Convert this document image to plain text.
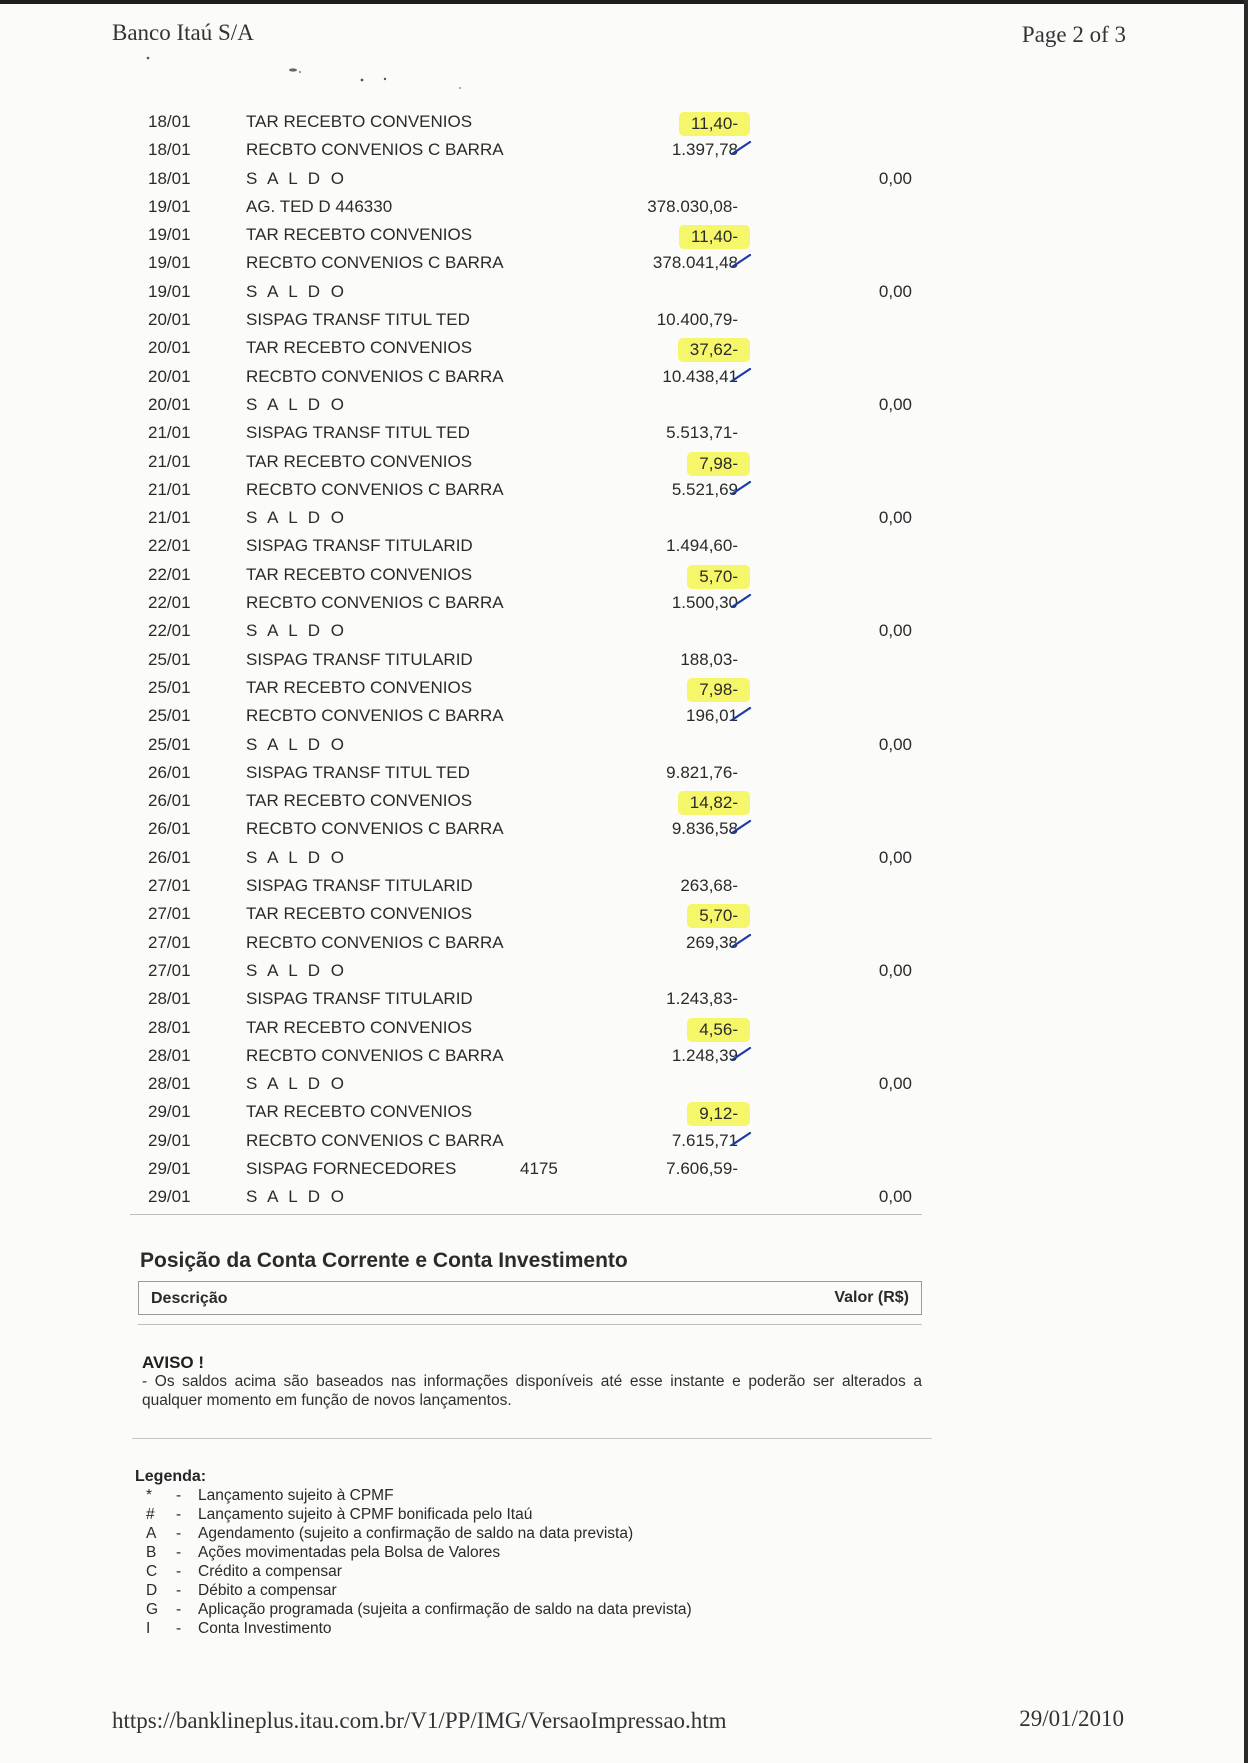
Banco Itaú S/A	Page 2 of 3
18/01	TAR RECEBTO CONVENIOS	11,40-
18/01	RECBTO CONVENIOS C BARRA	1.397,78
18/01	S A L D O	0,00
19/01	AG. TED D 446330	378.030,08-
19/01	TAR RECEBTO CONVENIOS	11,40-
19/01	RECBTO CONVENIOS C BARRA	378.041,48
19/01	S A L D O	0,00
20/01	SISPAG TRANSF TITUL TED	10.400,79-
20/01	TAR RECEBTO CONVENIOS	37,62-
20/01	RECBTO CONVENIOS C BARRA	10.438,41
20/01	S A L D O	0,00
21/01	SISPAG TRANSF TITUL TED	5.513,71-
21/01	TAR RECEBTO CONVENIOS	7,98-
21/01	RECBTO CONVENIOS C BARRA	5.521,69
21/01	S A L D O	0,00
22/01	SISPAG TRANSF TITULARID	1.494,60-
22/01	TAR RECEBTO CONVENIOS	5,70-
22/01	RECBTO CONVENIOS C BARRA	1.500,30
22/01	S A L D O	0,00
25/01	SISPAG TRANSF TITULARID	188,03-
25/01	TAR RECEBTO CONVENIOS	7,98-
25/01	RECBTO CONVENIOS C BARRA	196,01
25/01	S A L D O	0,00
26/01	SISPAG TRANSF TITUL TED	9.821,76-
26/01	TAR RECEBTO CONVENIOS	14,82-
26/01	RECBTO CONVENIOS C BARRA	9.836,58
26/01	S A L D O	0,00
27/01	SISPAG TRANSF TITULARID	263,68-
27/01	TAR RECEBTO CONVENIOS	5,70-
27/01	RECBTO CONVENIOS C BARRA	269,38
27/01	S A L D O	0,00
28/01	SISPAG TRANSF TITULARID	1.243,83-
28/01	TAR RECEBTO CONVENIOS	4,56-
28/01	RECBTO CONVENIOS C BARRA	1.248,39
28/01	S A L D O	0,00
29/01	TAR RECEBTO CONVENIOS	9,12-
29/01	RECBTO CONVENIOS C BARRA	7.615,71
29/01	SISPAG FORNECEDORES	4175	7.606,59-
29/01	S A L D O	0,00
Posição da Conta Corrente e Conta Investimento
Descrição	Valor (R$)
AVISO !
- Os saldos acima são baseados nas informações disponíveis até esse instante e poderão ser alterados a qualquer momento em função de novos lançamentos.
Legenda:
* - Lançamento sujeito à CPMF
# - Lançamento sujeito à CPMF bonificada pelo Itaú
A - Agendamento (sujeito a confirmação de saldo na data prevista)
B - Ações movimentadas pela Bolsa de Valores
C - Crédito a compensar
D - Débito a compensar
G - Aplicação programada (sujeita a confirmação de saldo na data prevista)
I - Conta Investimento
https://banklineplus.itau.com.br/V1/PP/IMG/VersaoImpressao.htm	29/01/2010
